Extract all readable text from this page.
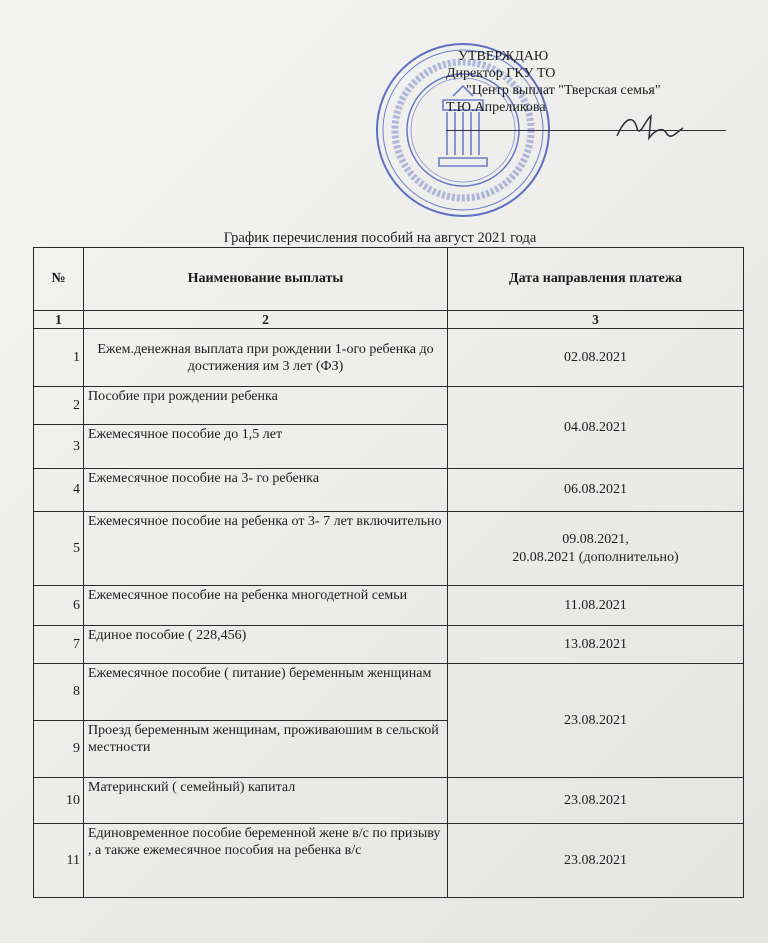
УТВЕРЖДАЮ
Директор ГКУ ТО
"Центр выплат "Тверская семья"
Т.Ю.Апреликова
График перечисления пособий на август 2021 года
№	Наименование выплаты	Дата направления платежа
1	2	3
1	Ежем.денежная выплата при рождении 1-ого ребенка до достижения им 3 лет (ФЗ)	02.08.2021
2	Пособие при рождении ребенка	04.08.2021
3	Ежемесячное пособие до 1,5 лет	
4	Ежемесячное пособие на 3- го ребенка	06.08.2021
5	Ежемесячное пособие на ребенка от 3- 7 лет включительно	09.08.2021,
20.08.2021 (дополнительно)

6	Ежемесячное пособие на ребенка многодетной семьи	11.08.2021
7	Единое пособие ( 228,456)	13.08.2021
8	Ежемесячное пособие ( питание) беременным женщинам	23.08.2021
9	Проезд беременным женщинам, проживаюшим в сельской местности	
10	Материнский ( семейный) капитал	23.08.2021
11	Единовременное пособие беременной жене в/с по призыву , а также ежемесячное пособия на ребенка в/с	23.08.2021
